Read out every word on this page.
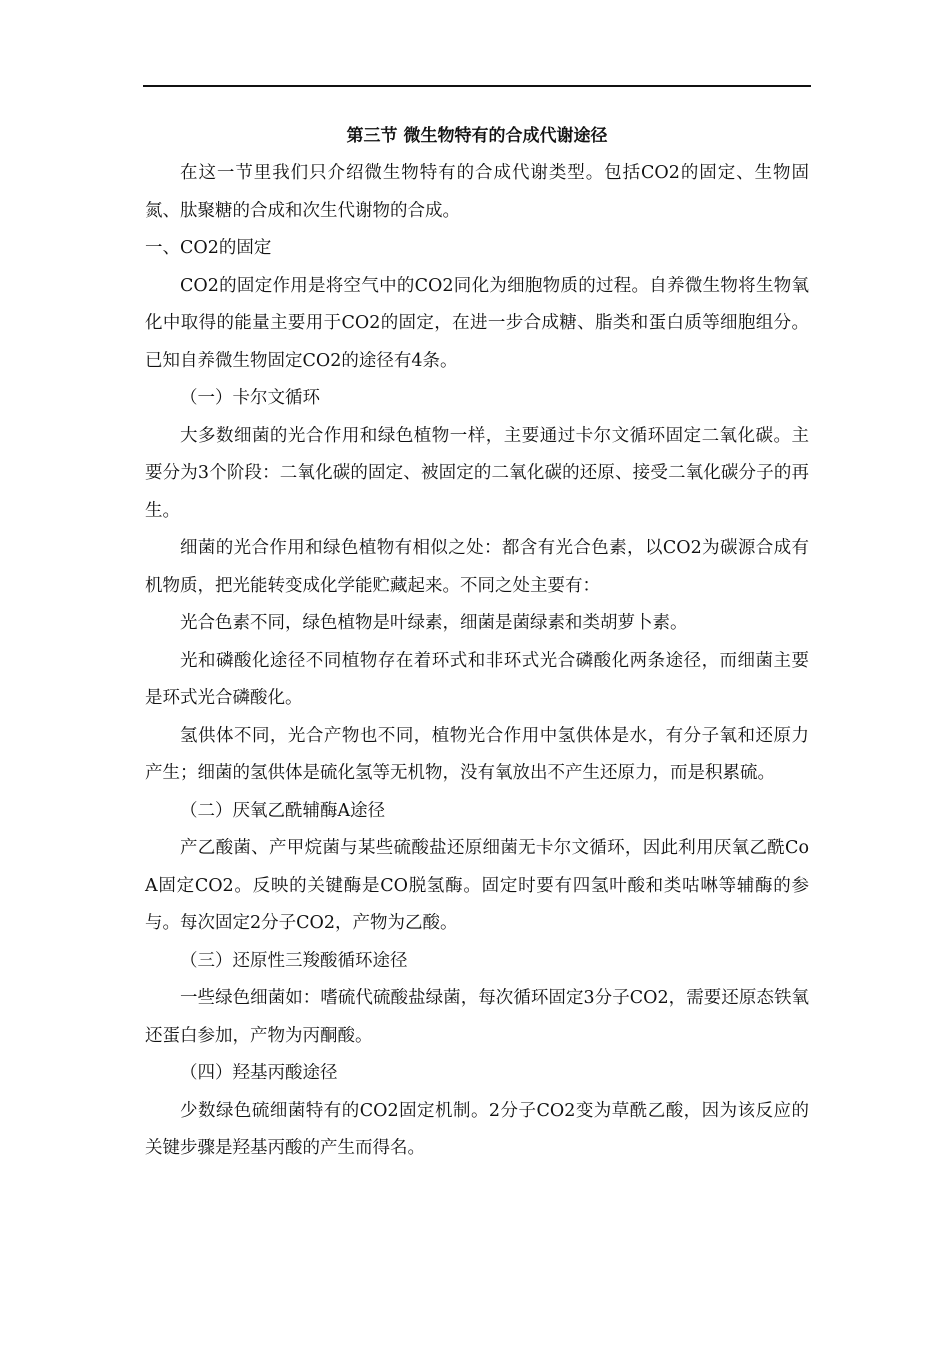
第三节 微生物特有的合成代谢途径

在这一节里我们只介绍微生物特有的合成代谢类型。包括CO2的固定、生物固氮、肽聚糖的合成和次生代谢物的合成。

一、CO2的固定

CO2的固定作用是将空气中的CO2同化为细胞物质的过程。自养微生物将生物氧化中取得的能量主要用于CO2的固定，在进一步合成糖、脂类和蛋白质等细胞组分。已知自养微生物固定CO2的途径有4条。

（一）卡尔文循环

大多数细菌的光合作用和绿色植物一样，主要通过卡尔文循环固定二氧化碳。主要分为3个阶段：二氧化碳的固定、被固定的二氧化碳的还原、接受二氧化碳分子的再生。

细菌的光合作用和绿色植物有相似之处：都含有光合色素，以CO2为碳源合成有机物质，把光能转变成化学能贮藏起来。不同之处主要有：

光合色素不同，绿色植物是叶绿素，细菌是菌绿素和类胡萝卜素。

光和磷酸化途径不同植物存在着环式和非环式光合磷酸化两条途径，而细菌主要是环式光合磷酸化。

氢供体不同，光合产物也不同，植物光合作用中氢供体是水，有分子氧和还原力产生；细菌的氢供体是硫化氢等无机物，没有氧放出不产生还原力，而是积累硫。

（二）厌氧乙酰辅酶A途径

产乙酸菌、产甲烷菌与某些硫酸盐还原细菌无卡尔文循环，因此利用厌氧乙酰CoA固定CO2。反映的关键酶是CO脱氢酶。固定时要有四氢叶酸和类咕啉等辅酶的参与。每次固定2分子CO2，产物为乙酸。

（三）还原性三羧酸循环途径

一些绿色细菌如：嗜硫代硫酸盐绿菌，每次循环固定3分子CO2，需要还原态铁氧还蛋白参加，产物为丙酮酸。

（四）羟基丙酸途径

少数绿色硫细菌特有的CO2固定机制。2分子CO2变为草酰乙酸，因为该反应的关键步骤是羟基丙酸的产生而得名。
